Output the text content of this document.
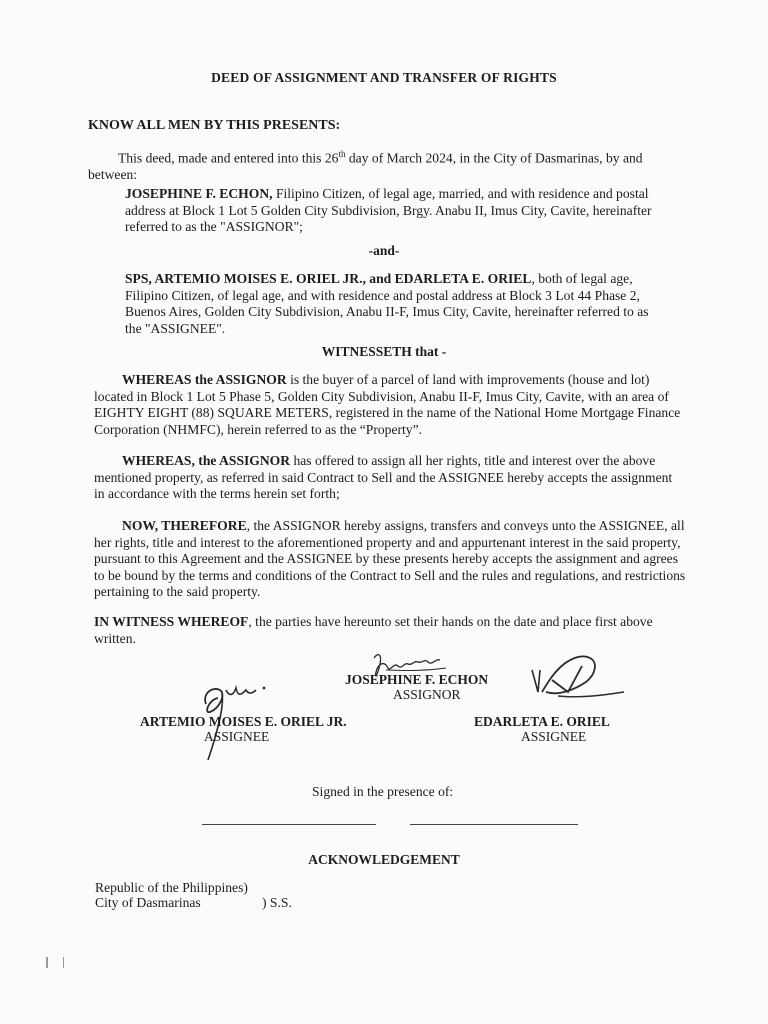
DEED OF ASSIGNMENT AND TRANSFER OF RIGHTS
KNOW ALL MEN BY THIS PRESENTS:

This deed, made and entered into this 26th day of March 2024, in the City of Dasmarinas, by and between:

JOSEPHINE F. ECHON, Filipino Citizen, of legal age, married, and with residence and postal address at Block 1 Lot 5 Golden City Subdivision, Brgy. Anabu II, Imus City, Cavite, hereinafter referred to as the "ASSIGNOR";

-and-

SPS, ARTEMIO MOISES E. ORIEL JR., and EDARLETA E. ORIEL, both of legal age, Filipino Citizen, of legal age, and with residence and postal address at Block 3 Lot 44 Phase 2, Buenos Aires, Golden City Subdivision, Anabu II-F, Imus City, Cavite, hereinafter referred to as the "ASSIGNEE".

WITNESSETH that -

WHEREAS the ASSIGNOR is the buyer of a parcel of land with improvements (house and lot) located in Block 1 Lot 5 Phase 5, Golden City Subdivision, Anabu II-F, Imus City, Cavite, with an area of EIGHTY EIGHT (88) SQUARE METERS, registered in the name of the National Home Mortgage Finance Corporation (NHMFC), herein referred to as the “Property”.

WHEREAS, the ASSIGNOR has offered to assign all her rights, title and interest over the above mentioned property, as referred in said Contract to Sell and the ASSIGNEE hereby accepts the assignment in accordance with the terms herein set forth;

NOW, THEREFORE, the ASSIGNOR hereby assigns, transfers and conveys unto the ASSIGNEE, all her rights, title and interest to the aforementioned property and and appurtenant interest in the said property, pursuant to this Agreement and the ASSIGNEE by these presents hereby accepts the assignment and agrees to be bound by the terms and conditions of the Contract to Sell and the rules and regulations, and restrictions pertaining to the said property.

IN WITNESS WHEREOF, the parties have hereunto set their hands on the date and place first above written.

JOSEPHINE F. ECHON
ASSIGNOR
ARTEMIO MOISES E. ORIEL JR.
ASSIGNEE
EDARLETA E. ORIEL
ASSIGNEE
Signed in the presence of:
ACKNOWLEDGEMENT
Republic of the Philippines)
City of Dasmarinas	) S.S.
